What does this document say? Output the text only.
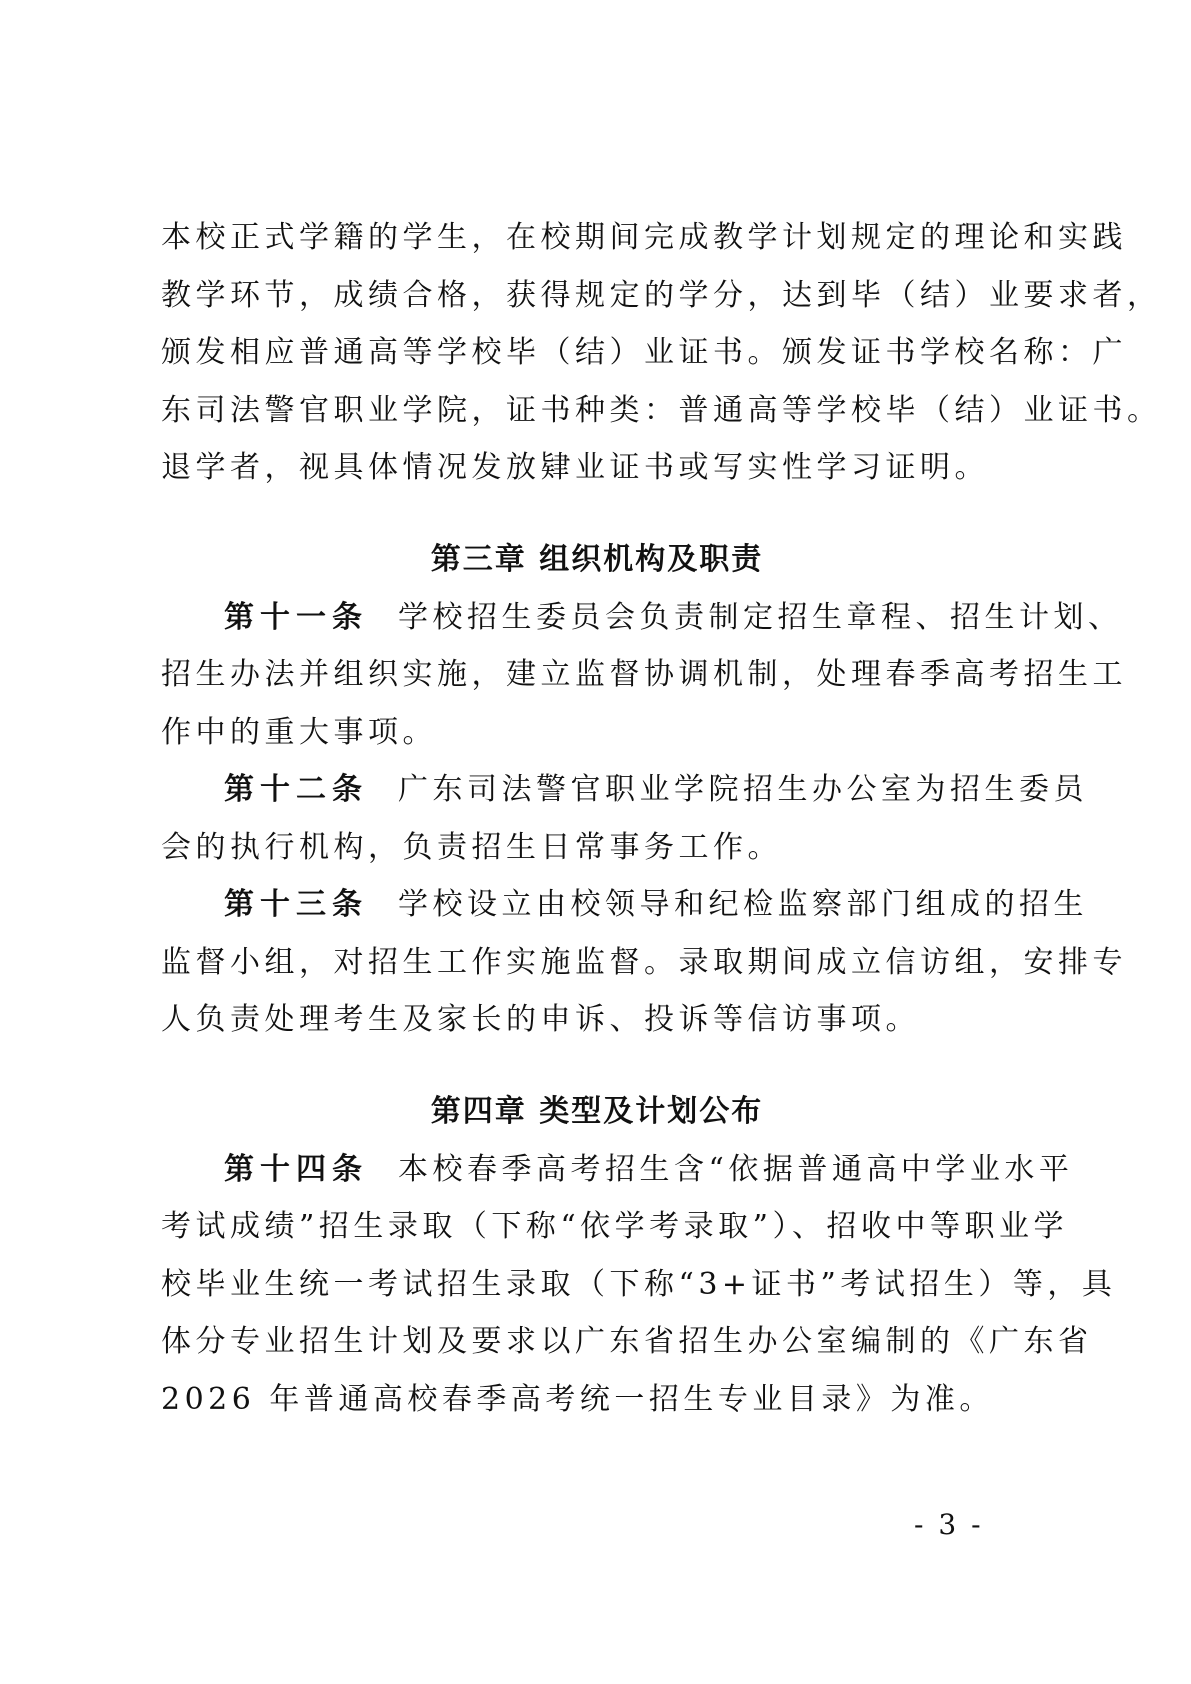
本校正式学籍的学生，在校期间完成教学计划规定的理论和实践
教学环节，成绩合格，获得规定的学分，达到毕（结）业要求者，
颁发相应普通高等学校毕（结）业证书。颁发证书学校名称：广
东司法警官职业学院，证书种类：普通高等学校毕（结）业证书。
退学者，视具体情况发放肄业证书或写实性学习证明。
第三章 组织机构及职责
第十一条 学校招生委员会负责制定招生章程、招生计划、
招生办法并组织实施，建立监督协调机制，处理春季高考招生工
作中的重大事项。
第十二条 广东司法警官职业学院招生办公室为招生委员
会的执行机构，负责招生日常事务工作。
第十三条 学校设立由校领导和纪检监察部门组成的招生
监督小组，对招生工作实施监督。录取期间成立信访组，安排专
人负责处理考生及家长的申诉、投诉等信访事项。
第四章 类型及计划公布
第十四条 本校春季高考招生含“依据普通高中学业水平
考试成绩”招生录取（下称“依学考录取”）、招收中等职业学
校毕业生统一考试招生录取（下称“3+证书”考试招生）等，具
体分专业招生计划及要求以广东省招生办公室编制的《广东省
2026 年普通高校春季高考统一招生专业目录》为准。
- 3 -
